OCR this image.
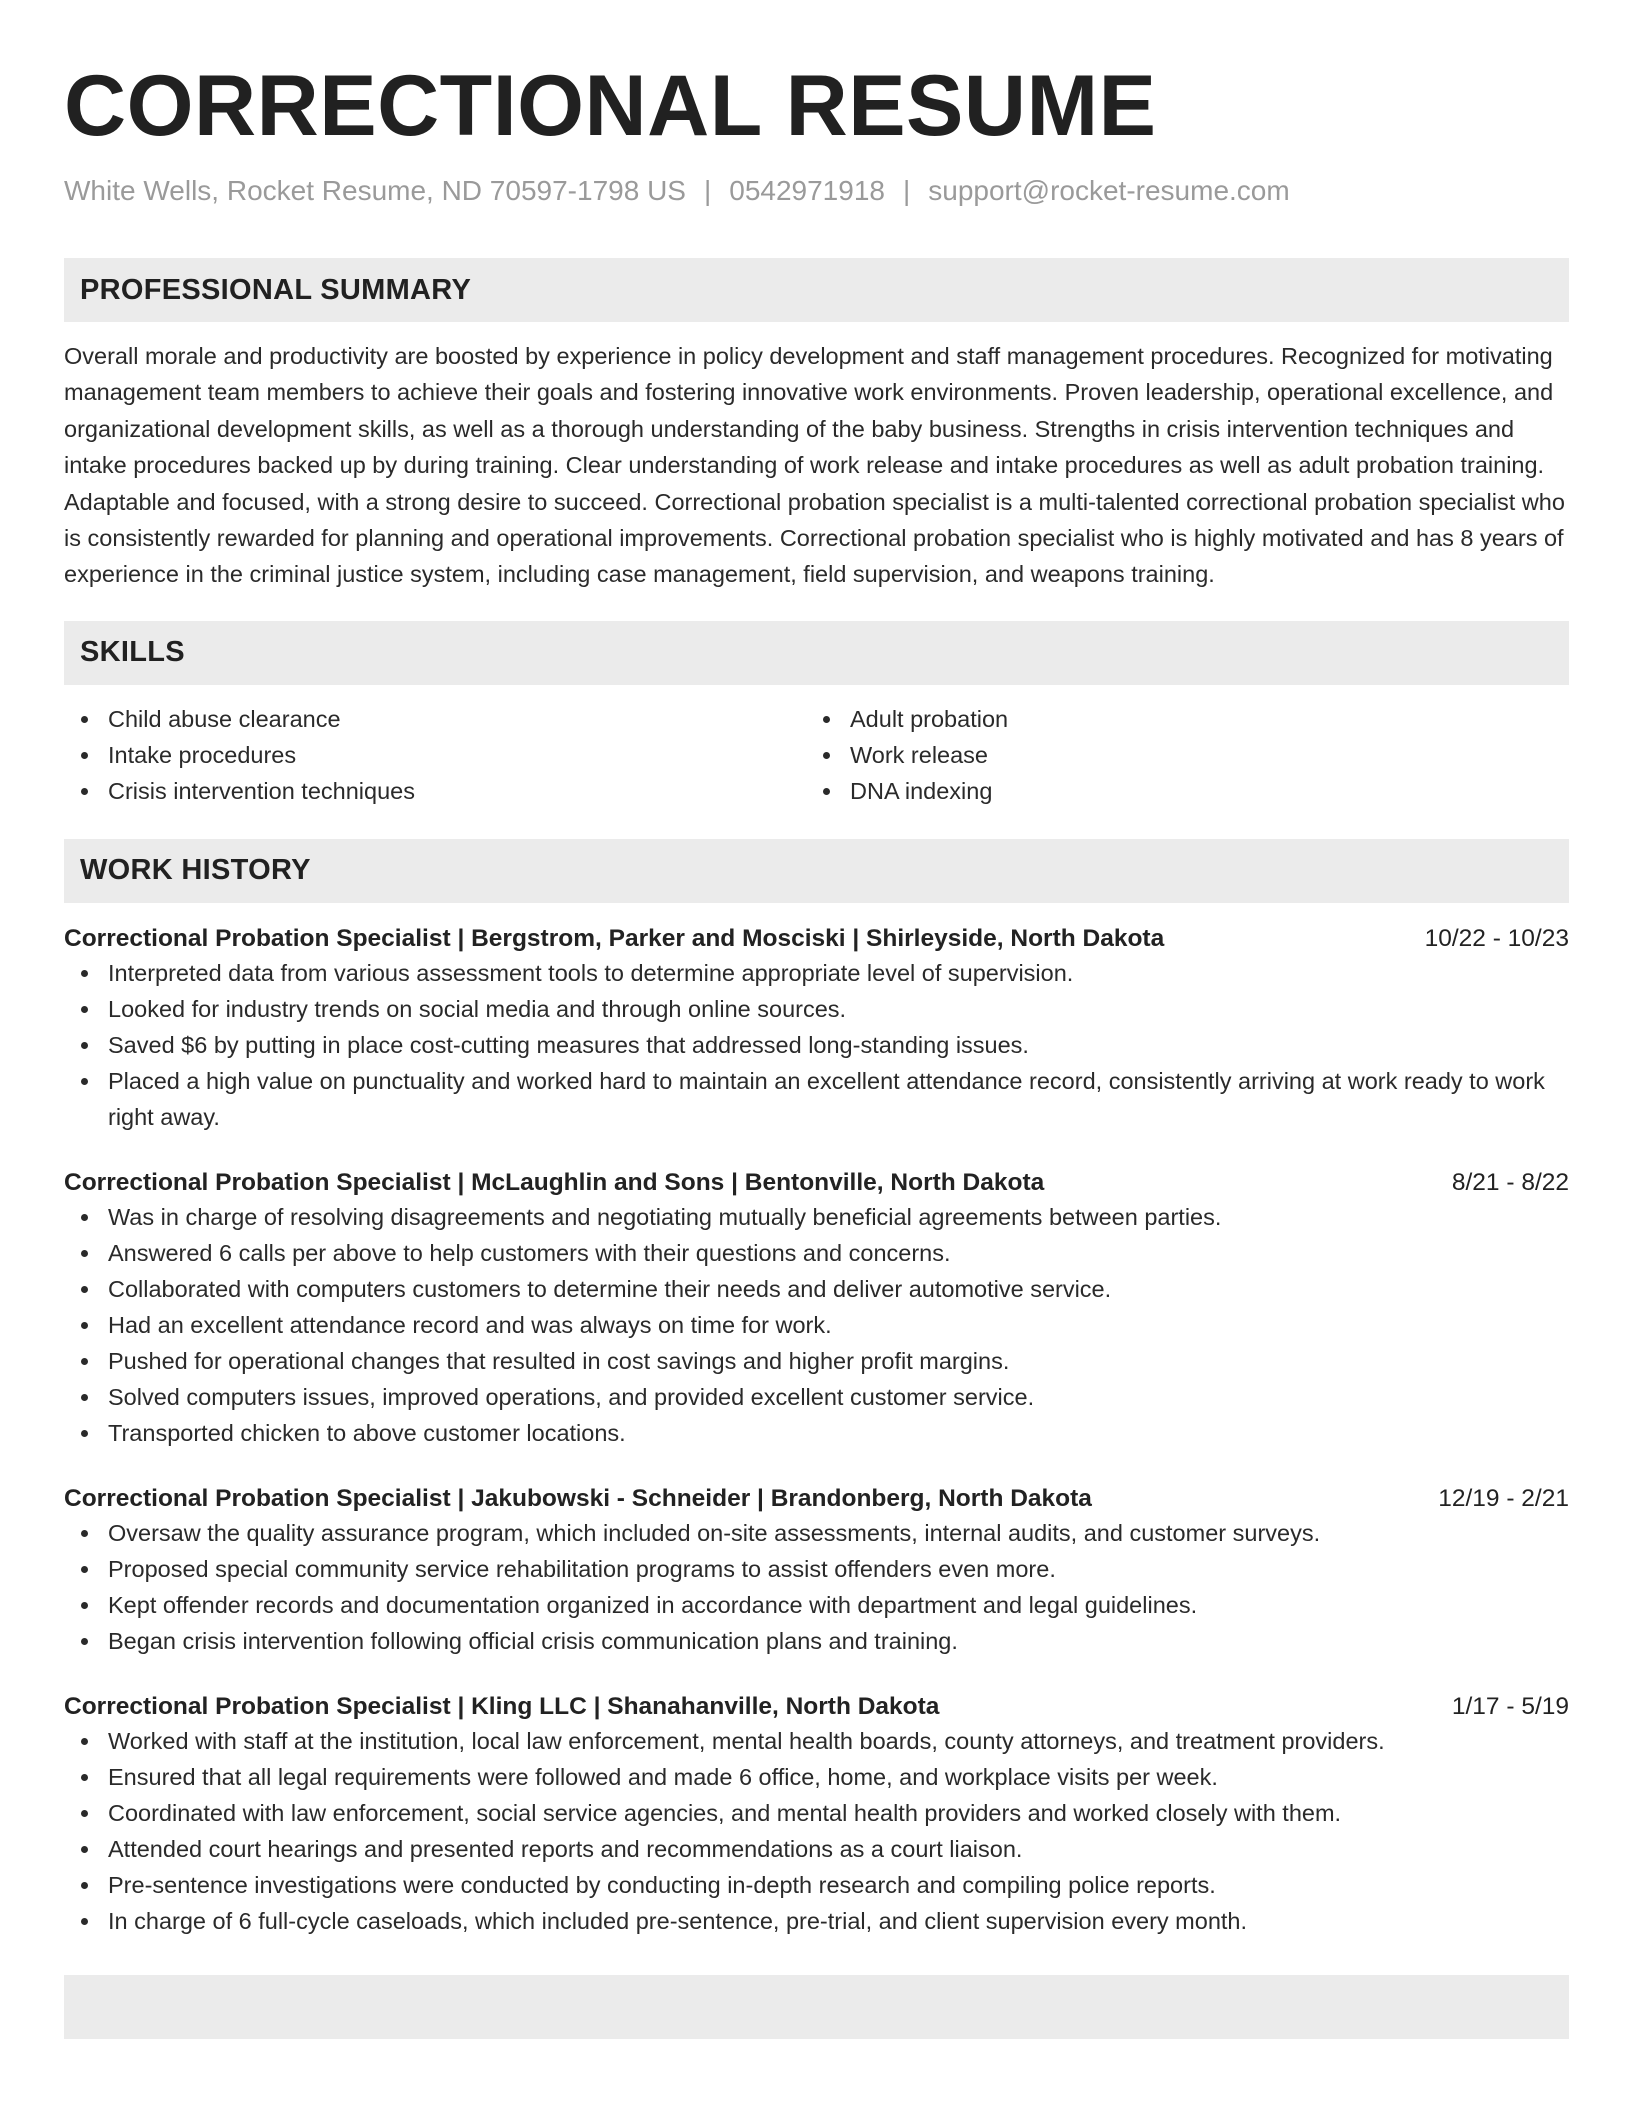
CORRECTIONAL RESUME
White Wells, Rocket Resume, ND 70597-1798 US | 0542971918 | support@rocket-resume.com
PROFESSIONAL SUMMARY

Overall morale and productivity are boosted by experience in policy development and staff management procedures. Recognized for motivating management team members to achieve their goals and fostering innovative work environments. Proven leadership, operational excellence, and organizational development skills, as well as a thorough understanding of the baby business. Strengths in crisis intervention techniques and intake procedures backed up by during training. Clear understanding of work release and intake procedures as well as adult probation training. Adaptable and focused, with a strong desire to succeed. Correctional probation specialist is a multi-talented correctional probation specialist who is consistently rewarded for planning and operational improvements. Correctional probation specialist who is highly motivated and has 8 years of experience in the criminal justice system, including case management, field supervision, and weapons training.

SKILLS
Child abuse clearance
Intake procedures
Crisis intervention techniques
Adult probation
Work release
DNA indexing
WORK HISTORY
Correctional Probation Specialist | Bergstrom, Parker and Mosciski | Shirleyside, North Dakota	10/22 - 10/23
Interpreted data from various assessment tools to determine appropriate level of supervision.
Looked for industry trends on social media and through online sources.
Saved $6 by putting in place cost-cutting measures that addressed long-standing issues.
Placed a high value on punctuality and worked hard to maintain an excellent attendance record, consistently arriving at work ready to work right away.
Correctional Probation Specialist | McLaughlin and Sons | Bentonville, North Dakota	8/21 - 8/22
Was in charge of resolving disagreements and negotiating mutually beneficial agreements between parties.
Answered 6 calls per above to help customers with their questions and concerns.
Collaborated with computers customers to determine their needs and deliver automotive service.
Had an excellent attendance record and was always on time for work.
Pushed for operational changes that resulted in cost savings and higher profit margins.
Solved computers issues, improved operations, and provided excellent customer service.
Transported chicken to above customer locations.
Correctional Probation Specialist | Jakubowski - Schneider | Brandonberg, North Dakota	12/19 - 2/21
Oversaw the quality assurance program, which included on-site assessments, internal audits, and customer surveys.
Proposed special community service rehabilitation programs to assist offenders even more.
Kept offender records and documentation organized in accordance with department and legal guidelines.
Began crisis intervention following official crisis communication plans and training.
Correctional Probation Specialist | Kling LLC | Shanahanville, North Dakota	1/17 - 5/19
Worked with staff at the institution, local law enforcement, mental health boards, county attorneys, and treatment providers.
Ensured that all legal requirements were followed and made 6 office, home, and workplace visits per week.
Coordinated with law enforcement, social service agencies, and mental health providers and worked closely with them.
Attended court hearings and presented reports and recommendations as a court liaison.
Pre-sentence investigations were conducted by conducting in-depth research and compiling police reports.
In charge of 6 full-cycle caseloads, which included pre-sentence, pre-trial, and client supervision every month.
